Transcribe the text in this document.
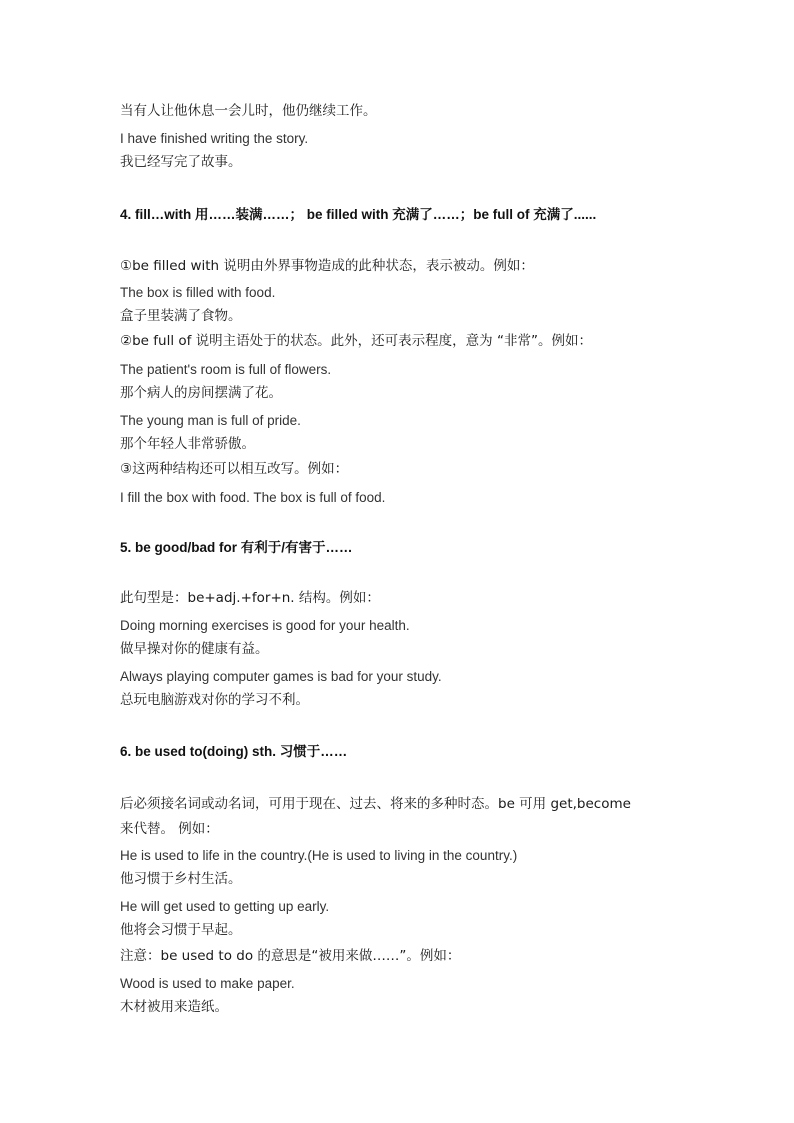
当有人让他休息一会儿时，他仍继续工作。
I have finished writing the story.
我已经写完了故事。
4. fill…with 用……装满……； be filled with 充满了……；be full of 充满了......
①be filled with 说明由外界事物造成的此种状态，表示被动。例如：
The box is filled with food.
盒子里装满了食物。
②be full of 说明主语处于的状态。此外，还可表示程度，意为 “非常”。例如：
The patient's room is full of flowers.
那个病人的房间摆满了花。
The young man is full of pride.
那个年轻人非常骄傲。
③这两种结构还可以相互改写。例如：
I fill the box with food. The box is full of food.
5. be good/bad for 有利于/有害于……
此句型是：be+adj.+for+n. 结构。例如：
Doing morning exercises is good for your health.
做早操对你的健康有益。
Always playing computer games is bad for your study.
总玩电脑游戏对你的学习不利。
6. be used to(doing) sth. 习惯于……
后必须接名词或动名词，可用于现在、过去、将来的多种时态。be 可用 get,become
来代替。 例如：
He is used to life in the country.(He is used to living in the country.)
他习惯于乡村生活。
He will get used to getting up early.
他将会习惯于早起。
注意：be used to do 的意思是“被用来做……”。例如：
Wood is used to make paper.
木材被用来造纸。
